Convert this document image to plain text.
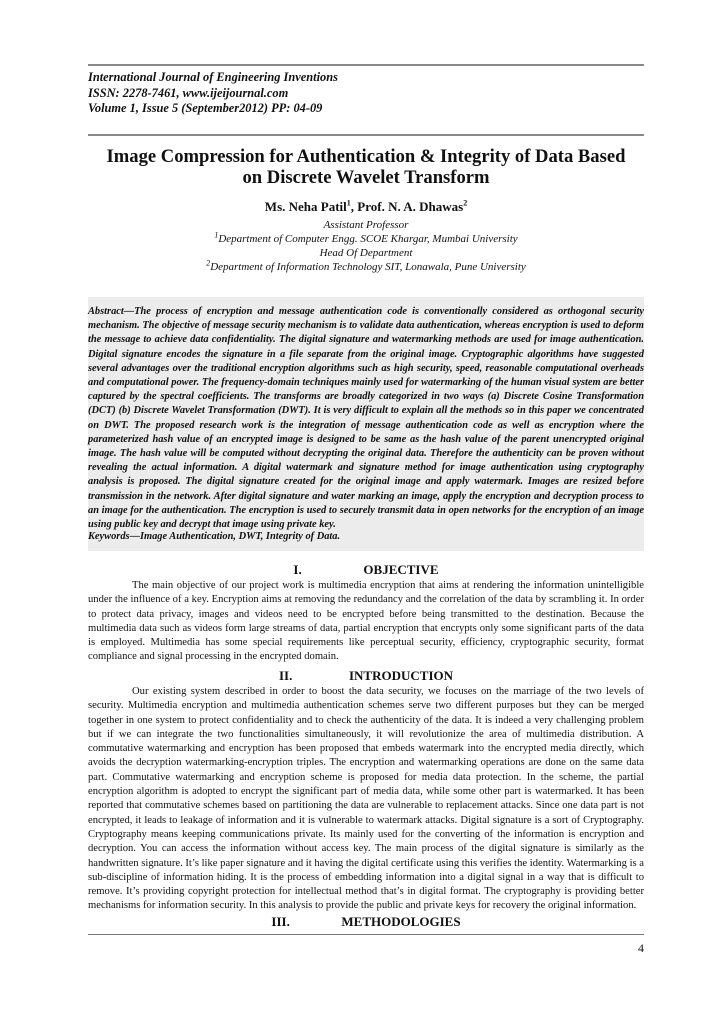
International Journal of Engineering Inventions
ISSN: 2278-7461, www.ijeijournal.com
Volume 1, Issue 5 (September2012) PP: 04-09
Image Compression for Authentication & Integrity of Data Based
on Discrete Wavelet Transform
Ms. Neha Patil$^1$, Prof. N. A. Dhawas$^2$
Assistant Professor
$^1$Department of Computer Engg. SCOE Khargar, Mumbai University
Head Of Department
$^2$Department of Information Technology SIT, Lonawala, Pune University
Abstract—The process of encryption and message authentication code is conventionally considered as orthogonal security mechanism. The objective of message security mechanism is to validate data authentication, whereas encryption is used to deform the message to achieve data confidentiality. The digital signature and watermarking methods are used for image authentication. Digital signature encodes the signature in a file separate from the original image. Cryptographic algorithms have suggested several advantages over the traditional encryption algorithms such as high security, speed, reasonable computational overheads and computational power. The frequency-domain techniques mainly used for watermarking of the human visual system are better captured by the spectral coefficients. The transforms are broadly categorized in two ways (a) Discrete Cosine Transformation (DCT) (b) Discrete Wavelet Transformation (DWT). It is very difficult to explain all the methods so in this paper we concentrated on DWT. The proposed research work is the integration of message authentication code as well as encryption where the parameterized hash value of an encrypted image is designed to be same as the hash value of the parent unencrypted original image. The hash value will be computed without decrypting the original data. Therefore the authenticity can be proven without revealing the actual information. A digital watermark and signature method for image authentication using cryptography analysis is proposed. The digital signature created for the original image and apply watermark. Images are resized before transmission in the network. After digital signature and water marking an image, apply the encryption and decryption process to an image for the authentication. The encryption is used to securely transmit data in open networks for the encryption of an image using public key and decrypt that image using private key.
Keywords—Image Authentication, DWT, Integrity of Data.
I.	OBJECTIVE
The main objective of our project work is multimedia encryption that aims at rendering the information unintelligible under the influence of a key. Encryption aims at removing the redundancy and the correlation of the data by scrambling it. In order to protect data privacy, images and videos need to be encrypted before being transmitted to the destination. Because the multimedia data such as videos form large streams of data, partial encryption that encrypts only some significant parts of the data is employed. Multimedia has some special requirements like perceptual security, efficiency, cryptographic security, format compliance and signal processing in the encrypted domain.
II.	INTRODUCTION
Our existing system described in order to boost the data security, we focuses on the marriage of the two levels of security. Multimedia encryption and multimedia authentication schemes serve two different purposes but they can be merged together in one system to protect confidentiality and to check the authenticity of the data. It is indeed a very challenging problem but if we can integrate the two functionalities simultaneously, it will revolutionize the area of multimedia distribution. A commutative watermarking and encryption has been proposed that embeds watermark into the encrypted media directly, which avoids the decryption watermarking-encryption triples. The encryption and watermarking operations are done on the same data part. Commutative watermarking and encryption scheme is proposed for media data protection. In the scheme, the partial encryption algorithm is adopted to encrypt the significant part of media data, while some other part is watermarked. It has been reported that commutative schemes based on partitioning the data are vulnerable to replacement attacks. Since one data part is not encrypted, it leads to leakage of information and it is vulnerable to watermark attacks. Digital signature is a sort of Cryptography. Cryptography means keeping communications private. Its mainly used for the converting of the information is encryption and decryption. You can access the information without access key. The main process of the digital signature is similarly as the handwritten signature. It’s like paper signature and it having the digital certificate using this verifies the identity. Watermarking is a sub-discipline of information hiding. It is the process of embedding information into a digital signal in a way that is difficult to remove. It’s providing copyright protection for intellectual method that’s in digital format. The cryptography is providing better mechanisms for information security. In this analysis to provide the public and private keys for recovery the original information.
III.	METHODOLOGIES
4
